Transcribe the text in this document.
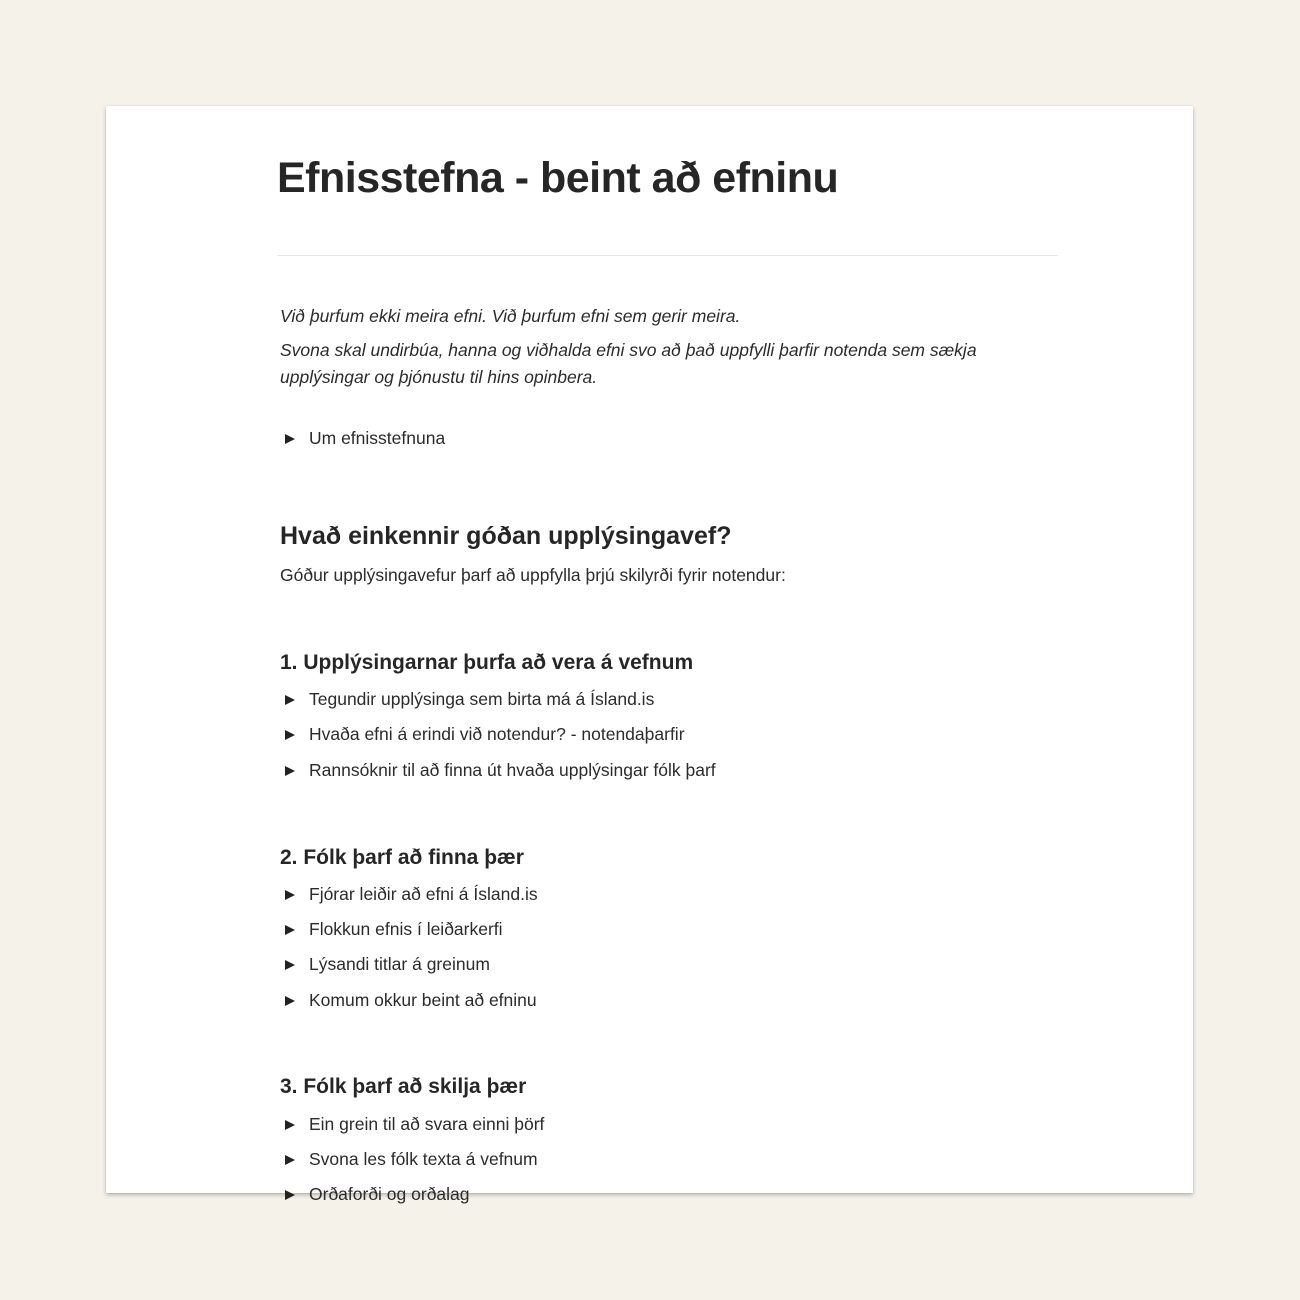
Efnisstefna - beint að efninu

Við þurfum ekki meira efni. Við þurfum efni sem gerir meira.

Svona skal undirbúa, hanna og viðhalda efni svo að það uppfylli þarfir notenda sem sækja upplýsingar og þjónustu til hins opinbera.

Um efnisstefnuna
Hvað einkennir góðan upplýsingavef?

Góður upplýsingavefur þarf að uppfylla þrjú skilyrði fyrir notendur:

1. Upplýsingarnar þurfa að vera á vefnum
Tegundir upplýsinga sem birta má á Ísland.is
Hvaða efni á erindi við notendur? - notendaþarfir
Rannsóknir til að finna út hvaða upplýsingar fólk þarf
2. Fólk þarf að finna þær
Fjórar leiðir að efni á Ísland.is
Flokkun efnis í leiðarkerfi
Lýsandi titlar á greinum
Komum okkur beint að efninu
3. Fólk þarf að skilja þær
Ein grein til að svara einni þörf
Svona les fólk texta á vefnum
Orðaforði og orðalag
